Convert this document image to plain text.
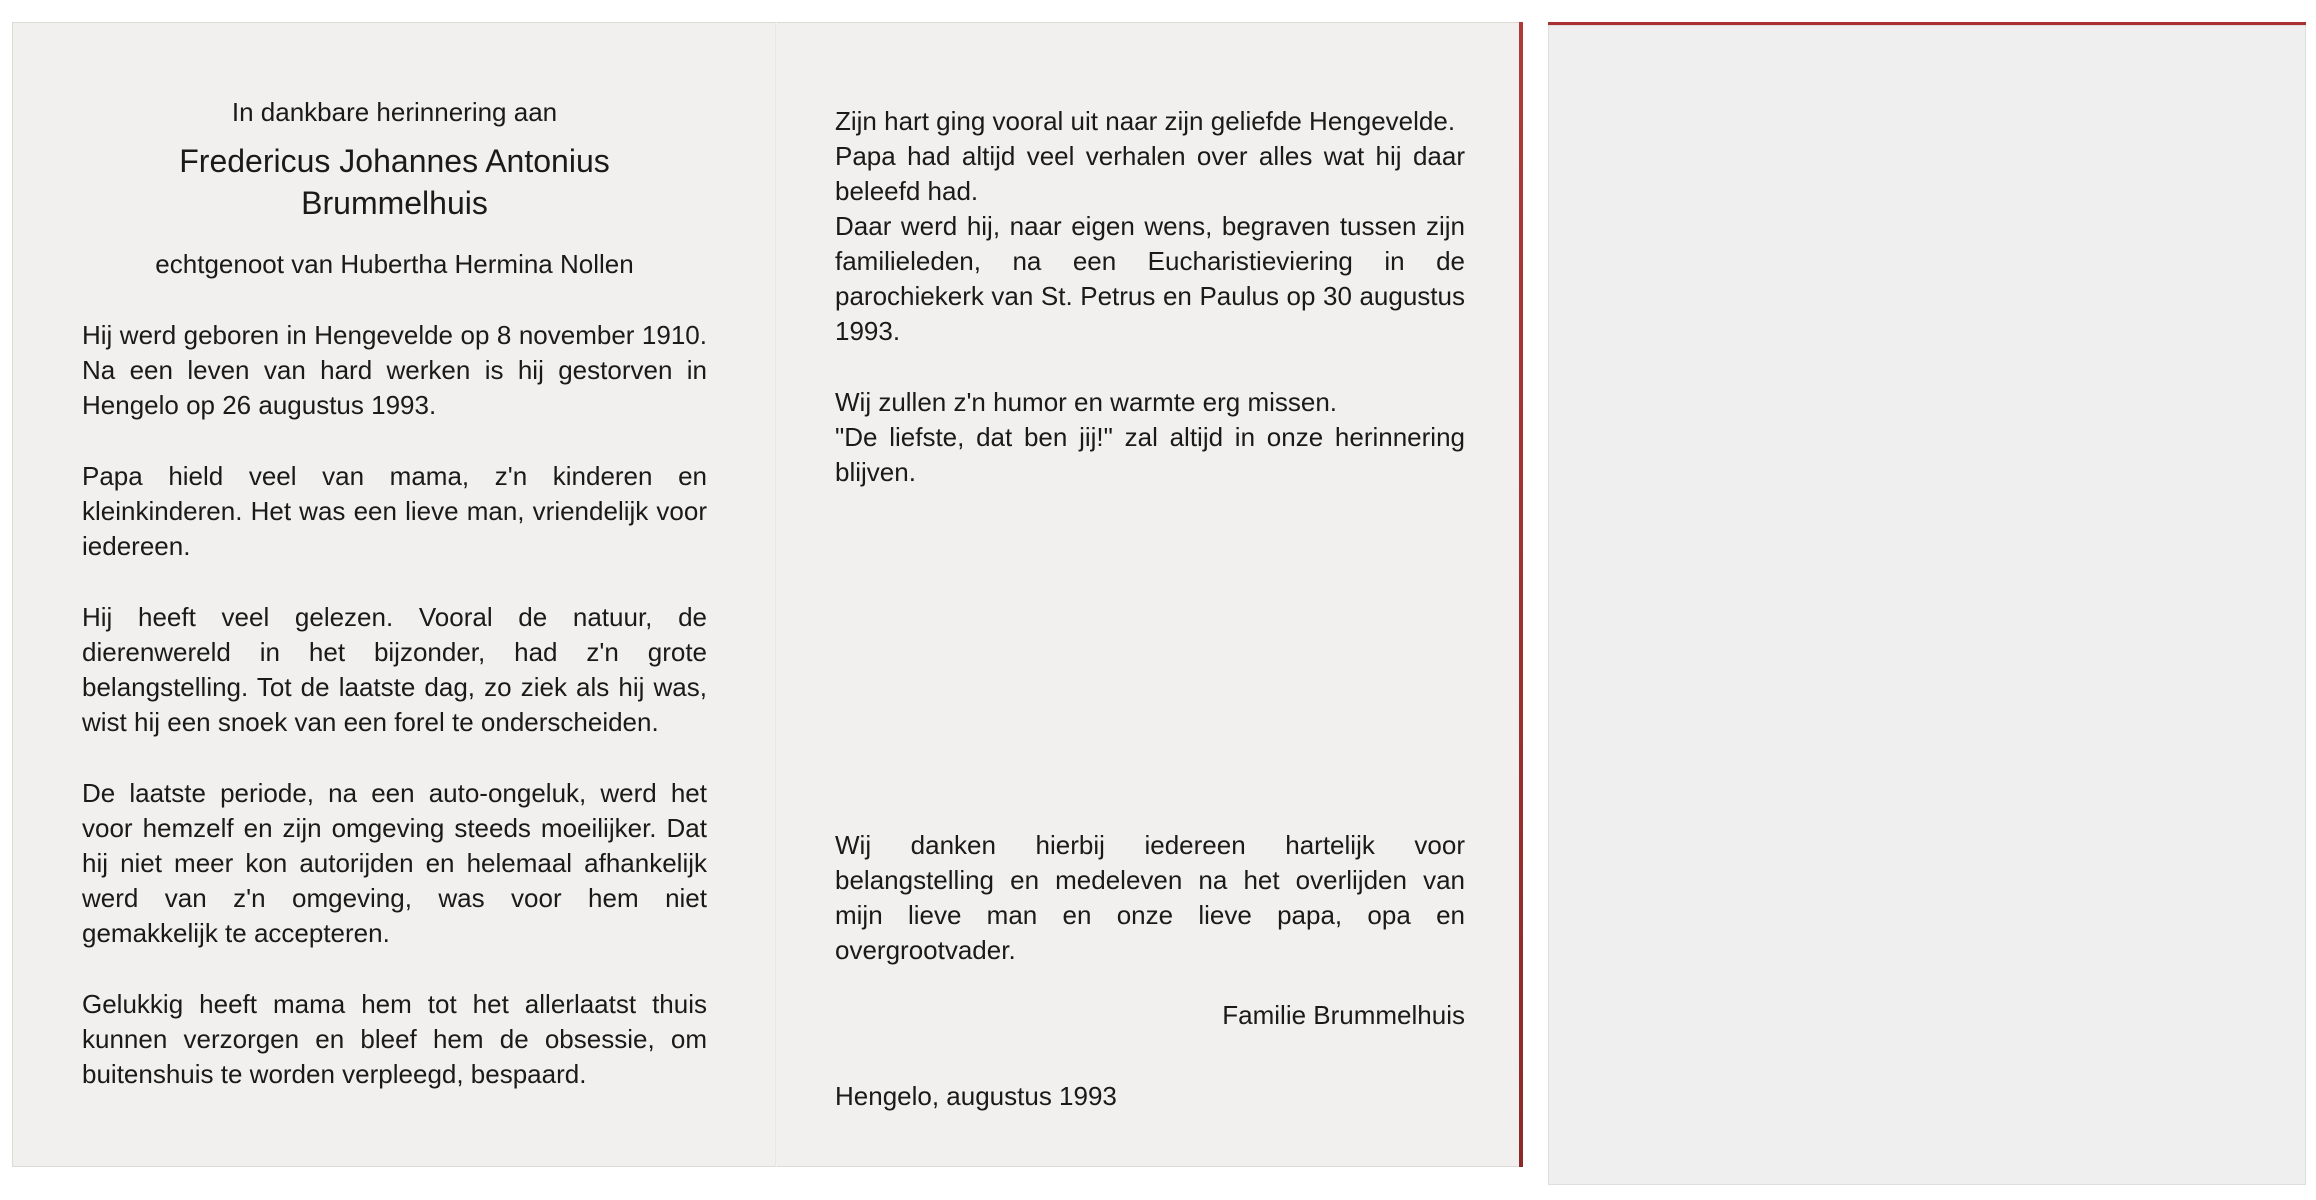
In dankbare herinnering aan
Fredericus Johannes Antonius
Brummelhuis
echtgenoot van Hubertha Hermina Nollen

Hij werd geboren in Hengevelde op 8 november 1910. Na een leven van hard werken is hij gestorven in Hengelo op 26 augustus 1993.

Papa hield veel van mama, z'n kinderen en kleinkinderen. Het was een lieve man, vriendelijk voor iedereen.

Hij heeft veel gelezen. Vooral de natuur, de dierenwereld in het bijzonder, had z'n grote belangstelling. Tot de laatste dag, zo ziek als hij was, wist hij een snoek van een forel te onderscheiden.

De laatste periode, na een auto-ongeluk, werd het voor hemzelf en zijn omgeving steeds moeilijker. Dat hij niet meer kon autorijden en helemaal afhankelijk werd van z'n omgeving, was voor hem niet gemakkelijk te accepteren.

Gelukkig heeft mama hem tot het allerlaatst thuis kunnen verzorgen en bleef hem de obsessie, om buitenshuis te worden verpleegd, bespaard.

Zijn hart ging vooral uit naar zijn geliefde Hengevelde.

Papa had altijd veel verhalen over alles wat hij daar beleefd had.

Daar werd hij, naar eigen wens, begraven tussen zijn familieleden, na een Eucharistieviering in de parochiekerk van St. Petrus en Paulus op 30 augustus 1993.

Wij zullen z'n humor en warmte erg missen.

"De liefste, dat ben jij!" zal altijd in onze herinnering blijven.

Wij danken hierbij iedereen hartelijk voor belangstelling en medeleven na het overlijden van mijn lieve man en onze lieve papa, opa en overgrootvader.

Familie Brummelhuis
Hengelo, augustus 1993
